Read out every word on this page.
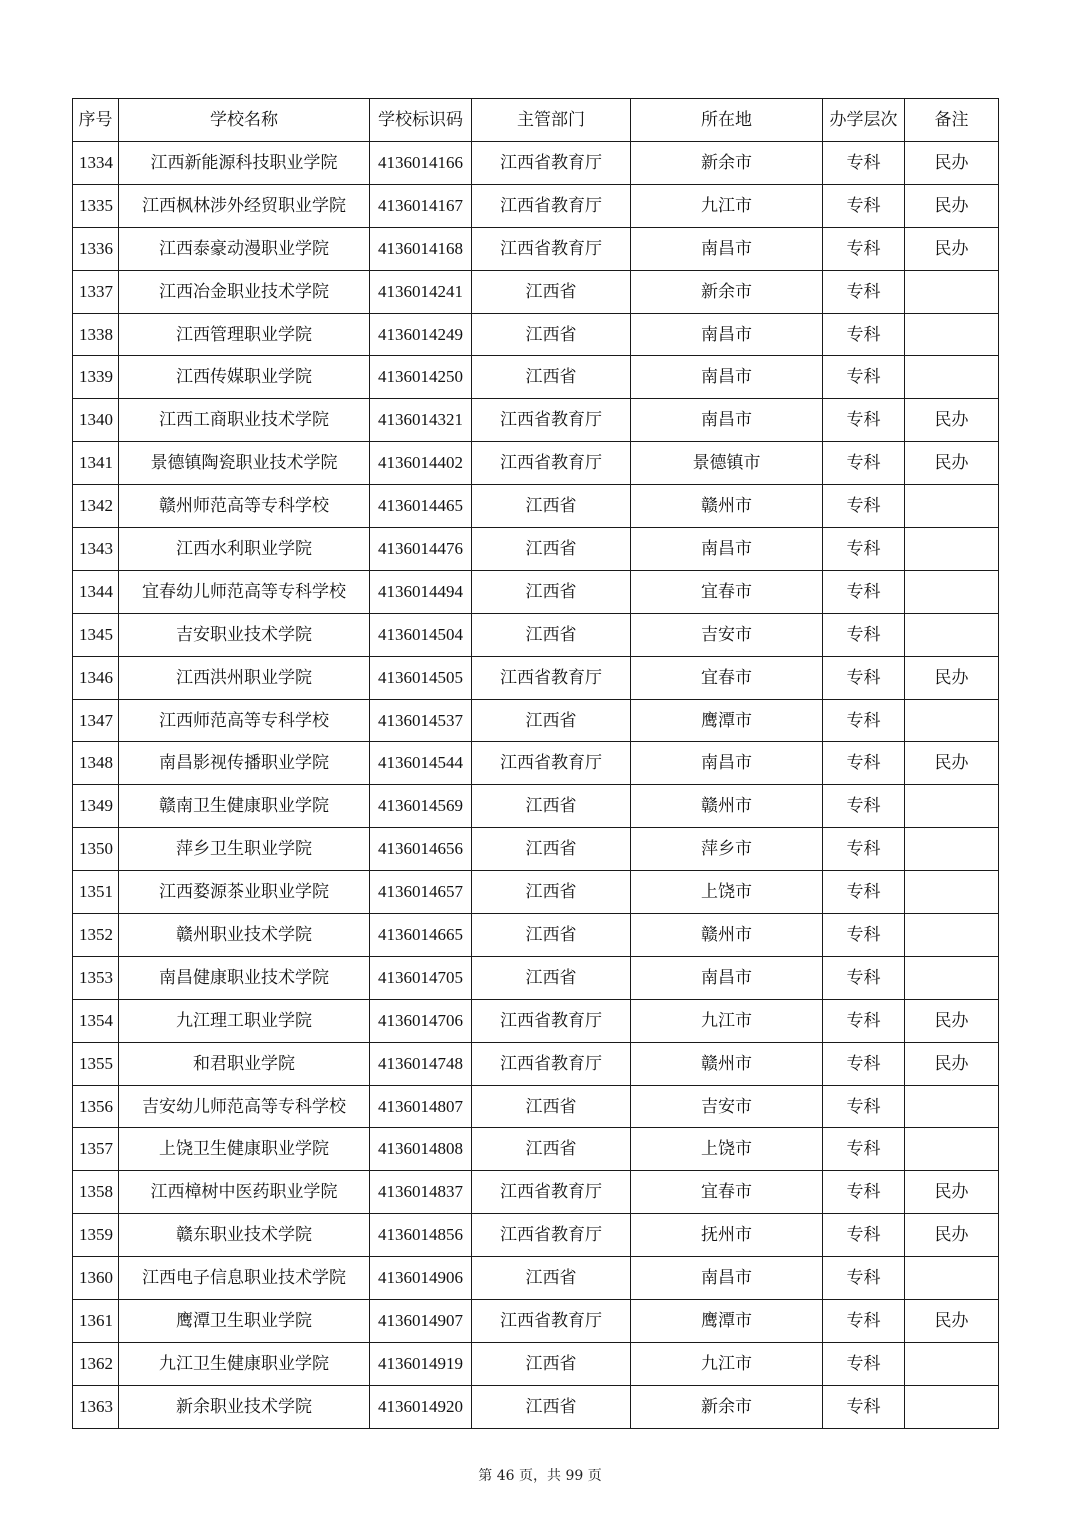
序号	学校名称	学校标识码	主管部门	所在地	办学层次	备注
1334	江西新能源科技职业学院	4136014166	江西省教育厅	新余市	专科	民办
1335	江西枫林涉外经贸职业学院	4136014167	江西省教育厅	九江市	专科	民办
1336	江西泰豪动漫职业学院	4136014168	江西省教育厅	南昌市	专科	民办
1337	江西冶金职业技术学院	4136014241	江西省	新余市	专科	
1338	江西管理职业学院	4136014249	江西省	南昌市	专科	
1339	江西传媒职业学院	4136014250	江西省	南昌市	专科	
1340	江西工商职业技术学院	4136014321	江西省教育厅	南昌市	专科	民办
1341	景德镇陶瓷职业技术学院	4136014402	江西省教育厅	景德镇市	专科	民办
1342	赣州师范高等专科学校	4136014465	江西省	赣州市	专科	
1343	江西水利职业学院	4136014476	江西省	南昌市	专科	
1344	宜春幼儿师范高等专科学校	4136014494	江西省	宜春市	专科	
1345	吉安职业技术学院	4136014504	江西省	吉安市	专科	
1346	江西洪州职业学院	4136014505	江西省教育厅	宜春市	专科	民办
1347	江西师范高等专科学校	4136014537	江西省	鹰潭市	专科	
1348	南昌影视传播职业学院	4136014544	江西省教育厅	南昌市	专科	民办
1349	赣南卫生健康职业学院	4136014569	江西省	赣州市	专科	
1350	萍乡卫生职业学院	4136014656	江西省	萍乡市	专科	
1351	江西婺源茶业职业学院	4136014657	江西省	上饶市	专科	
1352	赣州职业技术学院	4136014665	江西省	赣州市	专科	
1353	南昌健康职业技术学院	4136014705	江西省	南昌市	专科	
1354	九江理工职业学院	4136014706	江西省教育厅	九江市	专科	民办
1355	和君职业学院	4136014748	江西省教育厅	赣州市	专科	民办
1356	吉安幼儿师范高等专科学校	4136014807	江西省	吉安市	专科	
1357	上饶卫生健康职业学院	4136014808	江西省	上饶市	专科	
1358	江西樟树中医药职业学院	4136014837	江西省教育厅	宜春市	专科	民办
1359	赣东职业技术学院	4136014856	江西省教育厅	抚州市	专科	民办
1360	江西电子信息职业技术学院	4136014906	江西省	南昌市	专科	
1361	鹰潭卫生职业学院	4136014907	江西省教育厅	鹰潭市	专科	民办
1362	九江卫生健康职业学院	4136014919	江西省	九江市	专科	
1363	新余职业技术学院	4136014920	江西省	新余市	专科	
第 46 页，共 99 页
